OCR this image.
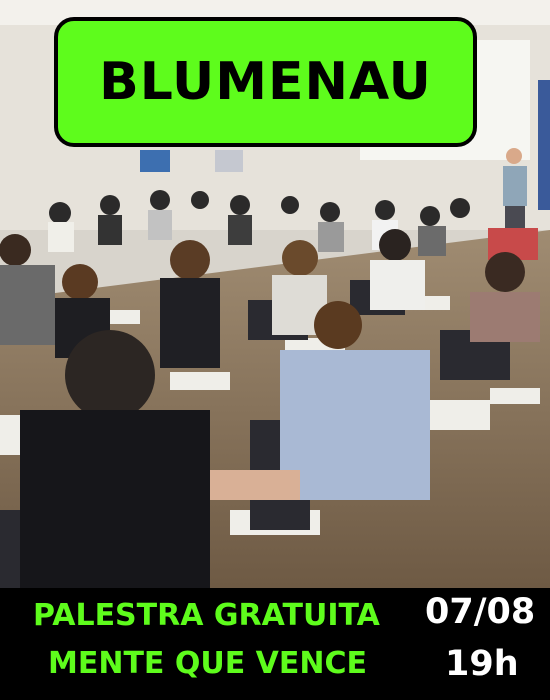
BLUMENAU
PALESTRA GRATUITA
MENTE QUE VENCE
07/08
19h
